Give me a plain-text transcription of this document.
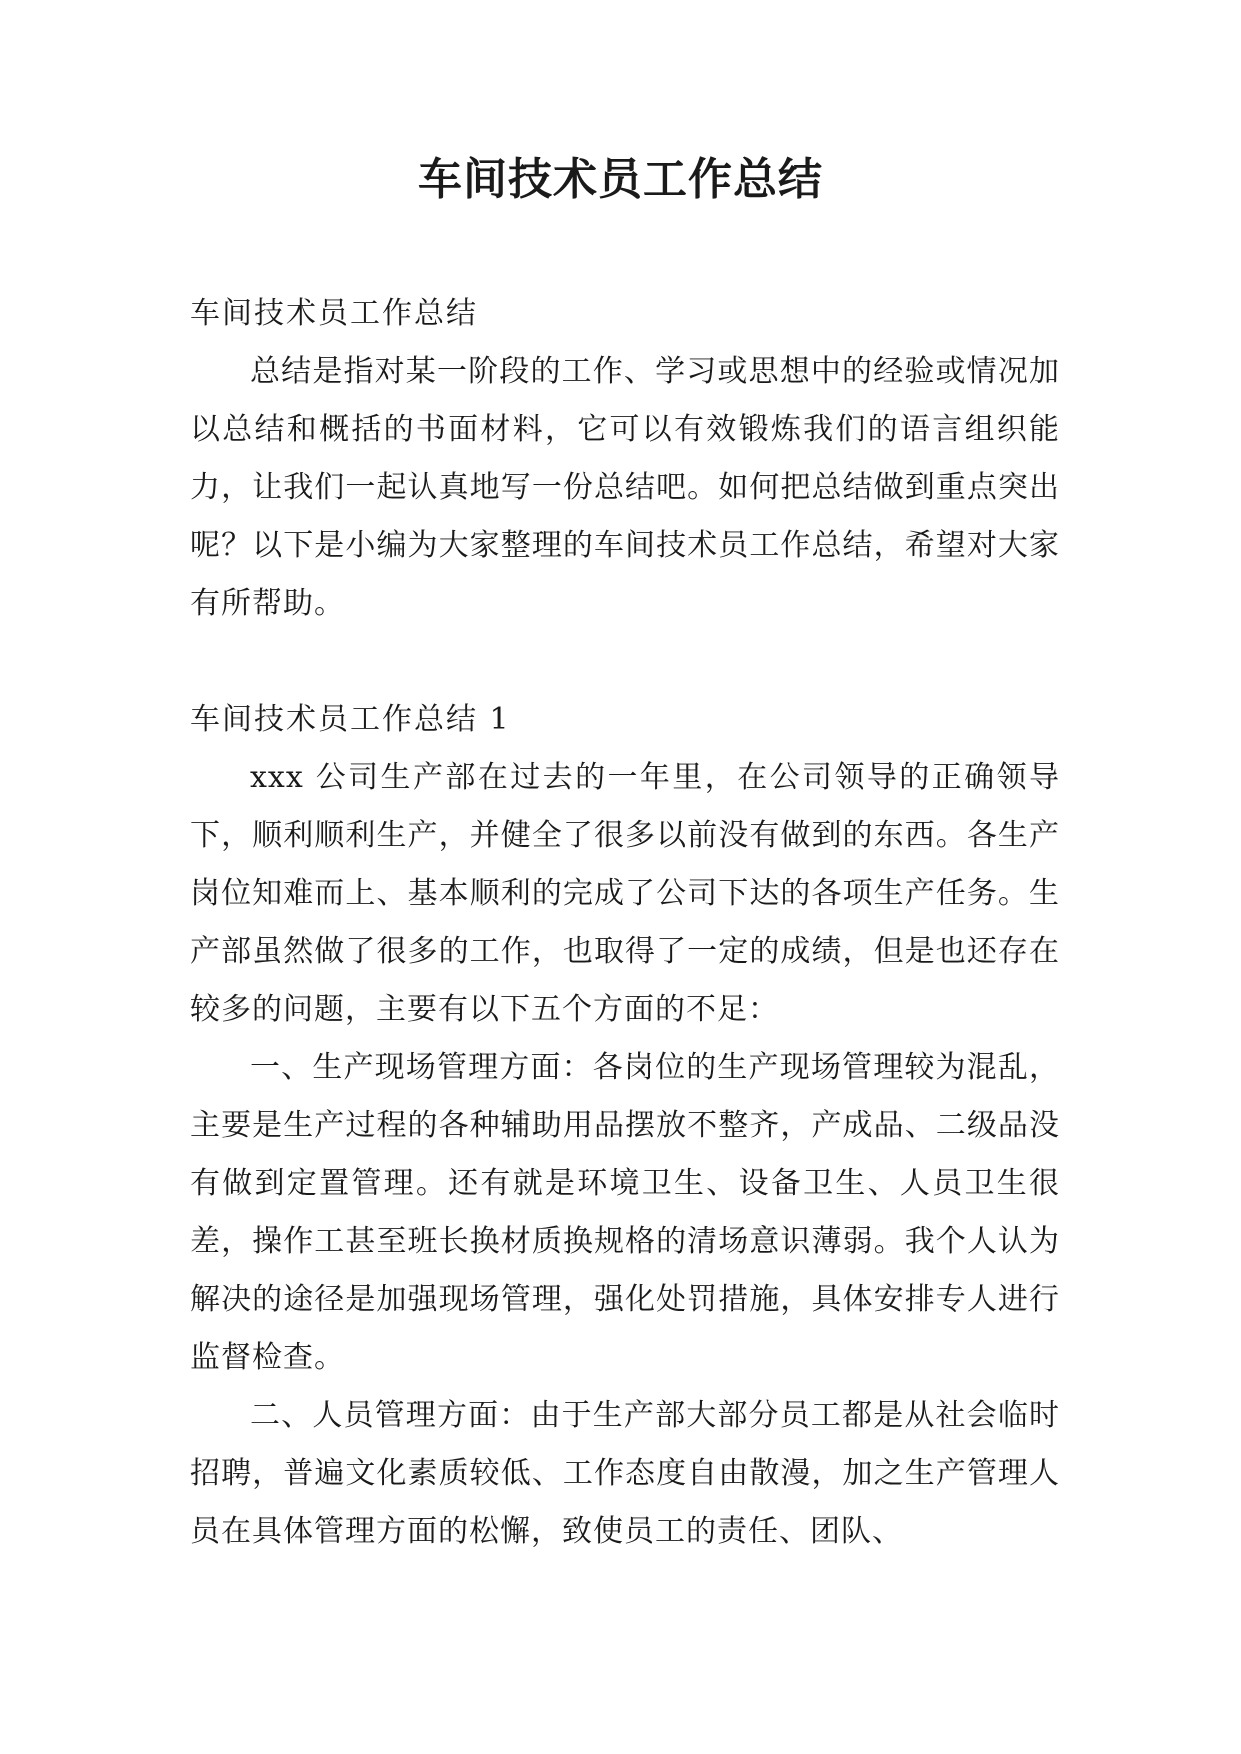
车间技术员工作总结

车间技术员工作总结

总结是指对某一阶段的工作、学习或思想中的经验或情况加以总结和概括的书面材料，它可以有效锻炼我们的语言组织能力，让我们一起认真地写一份总结吧。如何把总结做到重点突出呢？以下是小编为大家整理的车间技术员工作总结，希望对大家有所帮助。

车间技术员工作总结 1

xxx 公司生产部在过去的一年里，在公司领导的正确领导下，顺利顺利生产，并健全了很多以前没有做到的东西。各生产岗位知难而上、基本顺利的完成了公司下达的各项生产任务。生产部虽然做了很多的工作，也取得了一定的成绩，但是也还存在较多的问题，主要有以下五个方面的不足：

一、生产现场管理方面：各岗位的生产现场管理较为混乱，主要是生产过程的各种辅助用品摆放不整齐，产成品、二级品没有做到定置管理。还有就是环境卫生、设备卫生、人员卫生很差，操作工甚至班长换材质换规格的清场意识薄弱。我个人认为解决的途径是加强现场管理，强化处罚措施，具体安排专人进行监督检查。

二、人员管理方面：由于生产部大部分员工都是从社会临时招聘，普遍文化素质较低、工作态度自由散漫，加之生产管理人员在具体管理方面的松懈，致使员工的责任、团队、
